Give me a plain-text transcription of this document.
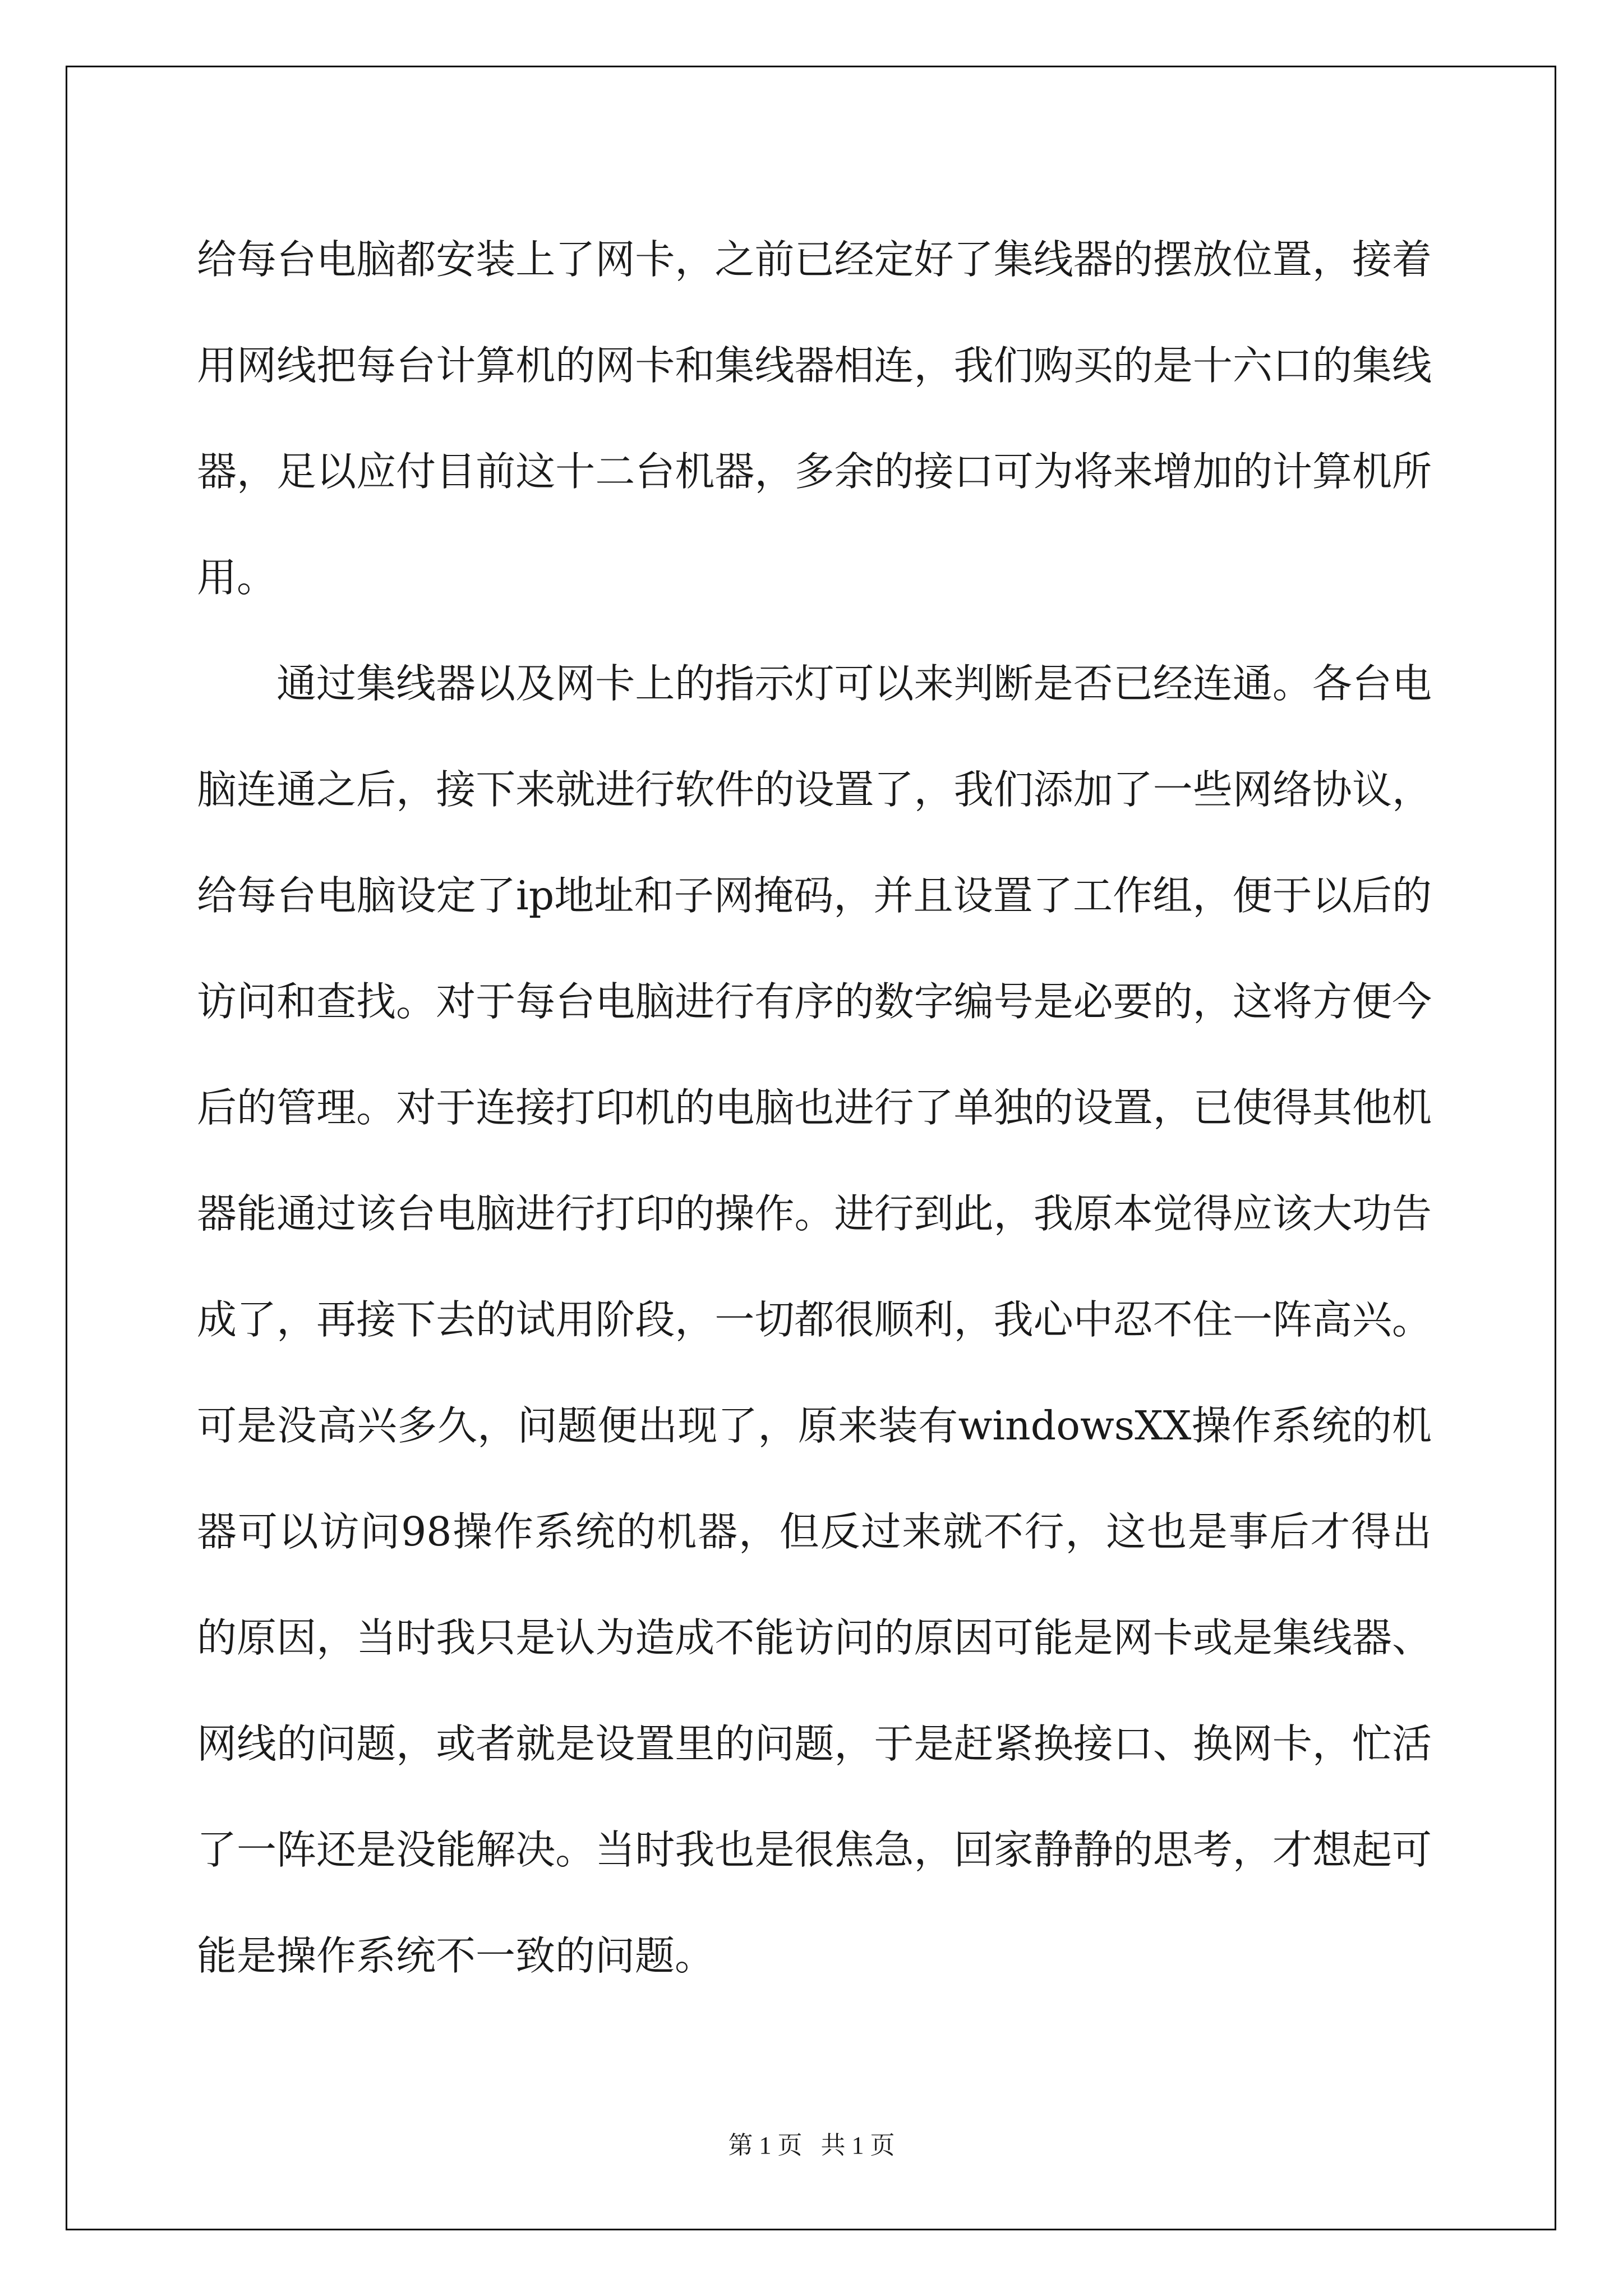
给每台电脑都安装上了网卡，之前已经定好了集线器的摆放位置，接着用网线把每台计算机的网卡和集线器相连，我们购买的是十六口的集线器，足以应付目前这十二台机器，多余的接口可为将来增加的计算机所用。

通过集线器以及网卡上的指示灯可以来判断是否已经连通。各台电脑连通之后，接下来就进行软件的设置了，我们添加了一些网络协议，给每台电脑设定了ip地址和子网掩码，并且设置了工作组，便于以后的访问和查找。对于每台电脑进行有序的数字编号是必要的，这将方便今后的管理。对于连接打印机的电脑也进行了单独的设置，已使得其他机器能通过该台电脑进行打印的操作。进行到此，我原本觉得应该大功告成了，再接下去的试用阶段，一切都很顺利，我心中忍不住一阵高兴。可是没高兴多久，问题便出现了，原来装有windowsXX操作系统的机器可以访问98操作系统的机器，但反过来就不行，这也是事后才得出的原因，当时我只是认为造成不能访问的原因可能是网卡或是集线器、网线的问题，或者就是设置里的问题，于是赶紧换接口、换网卡，忙活了一阵还是没能解决。当时我也是很焦急，回家静静的思考，才想起可能是操作系统不一致的问题。

第 1 页   共 1 页
